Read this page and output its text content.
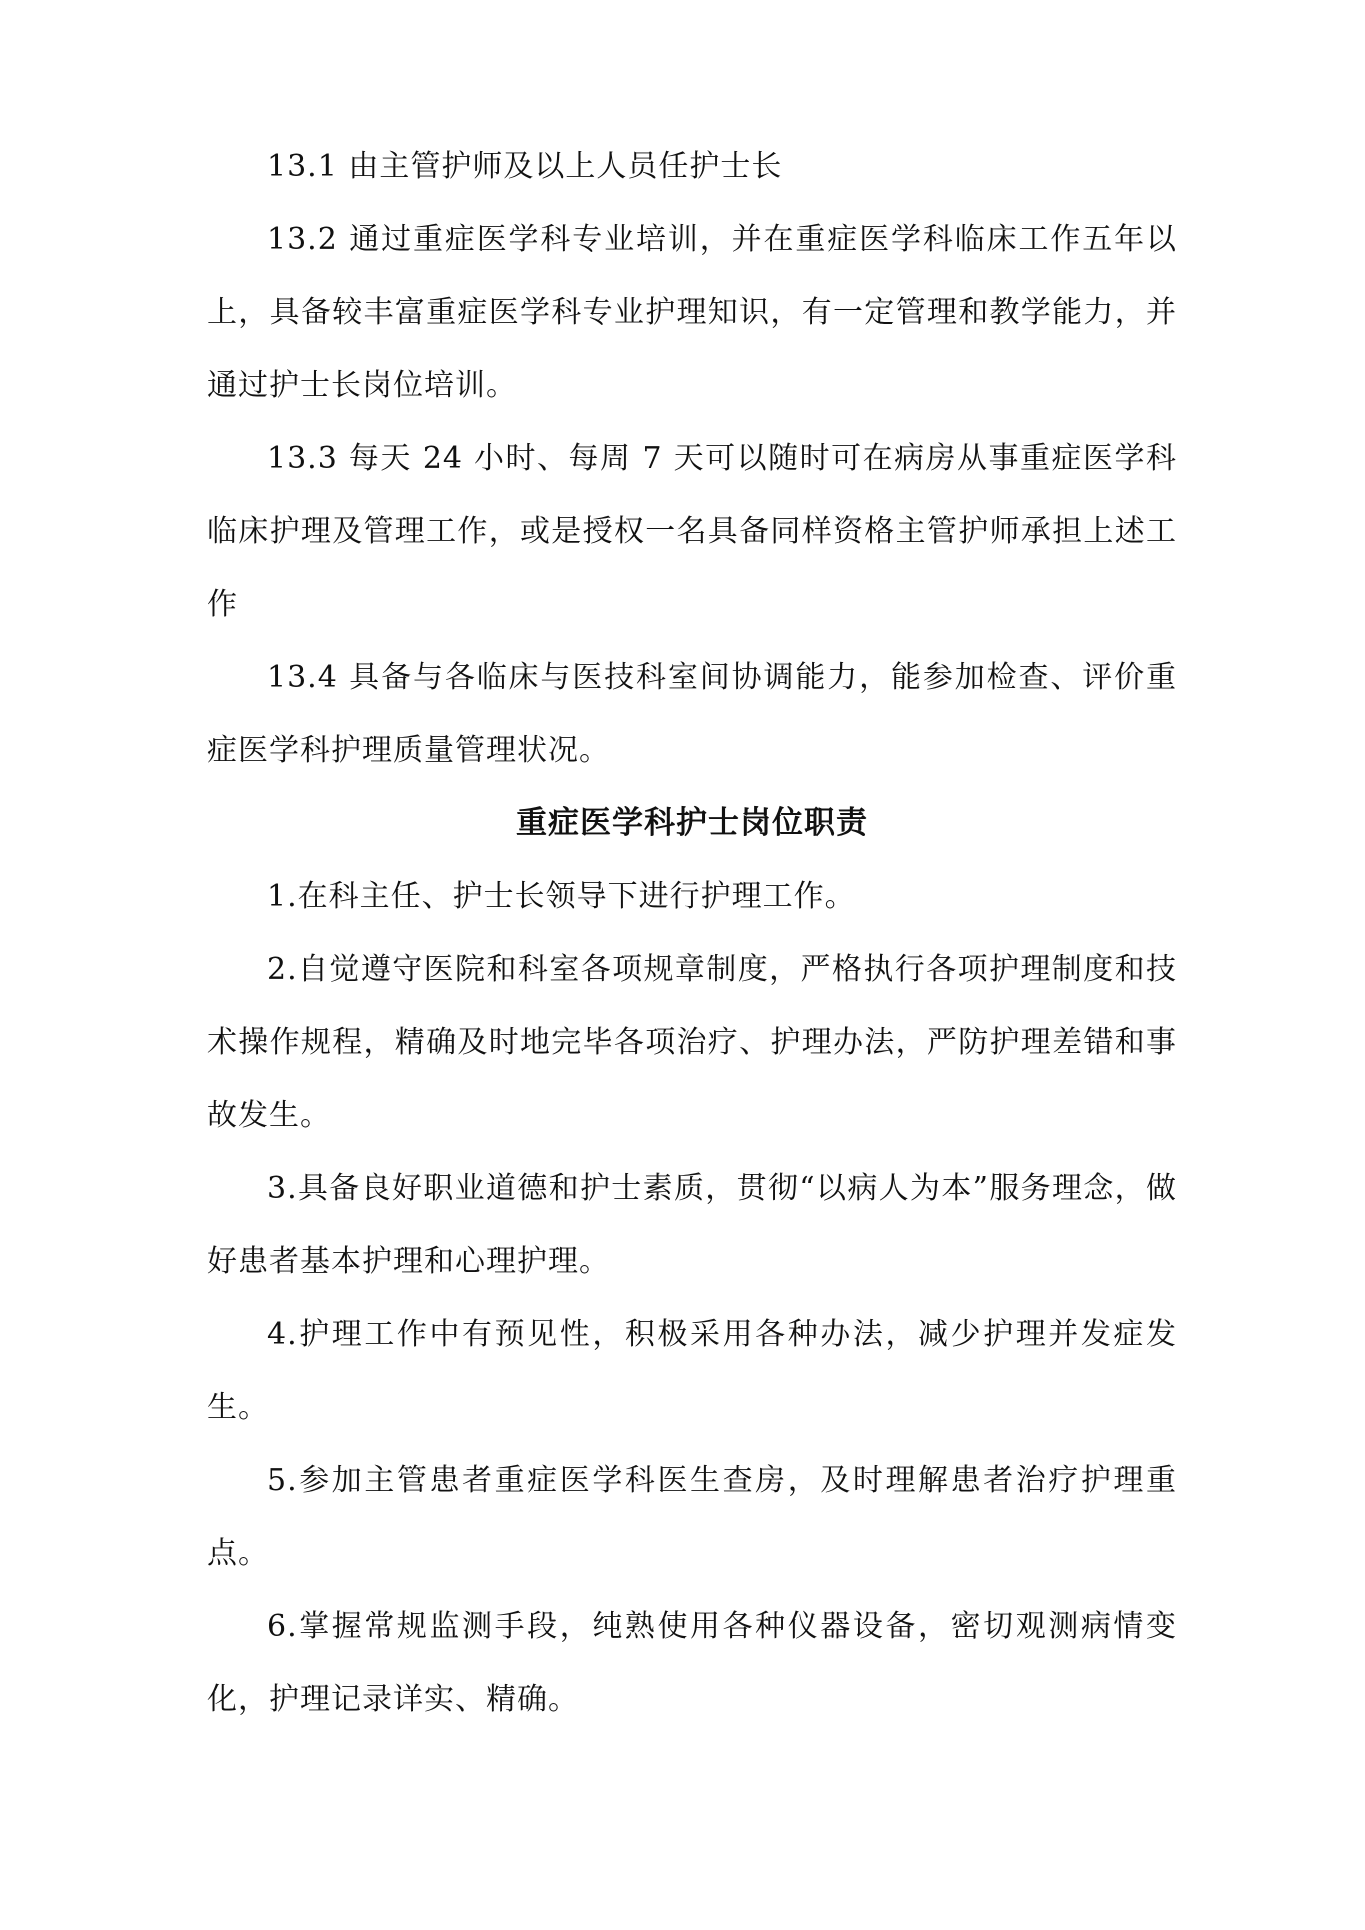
13.1 由主管护师及以上人员任护士长

13.2 通过重症医学科专业培训，并在重症医学科临床工作五年以上，具备较丰富重症医学科专业护理知识，有一定管理和教学能力，并通过护士长岗位培训。

13.3 每天 24 小时、每周 7 天可以随时可在病房从事重症医学科临床护理及管理工作，或是授权一名具备同样资格主管护师承担上述工作

13.4 具备与各临床与医技科室间协调能力，能参加检查、评价重症医学科护理质量管理状况。

重症医学科护士岗位职责

1.在科主任、护士长领导下进行护理工作。

2.自觉遵守医院和科室各项规章制度，严格执行各项护理制度和技术操作规程，精确及时地完毕各项治疗、护理办法，严防护理差错和事故发生。

3.具备良好职业道德和护士素质，贯彻“以病人为本”服务理念，做好患者基本护理和心理护理。

4.护理工作中有预见性，积极采用各种办法，减少护理并发症发生。

5.参加主管患者重症医学科医生查房，及时理解患者治疗护理重点。

6.掌握常规监测手段，纯熟使用各种仪器设备，密切观测病情变化，护理记录详实、精确。
